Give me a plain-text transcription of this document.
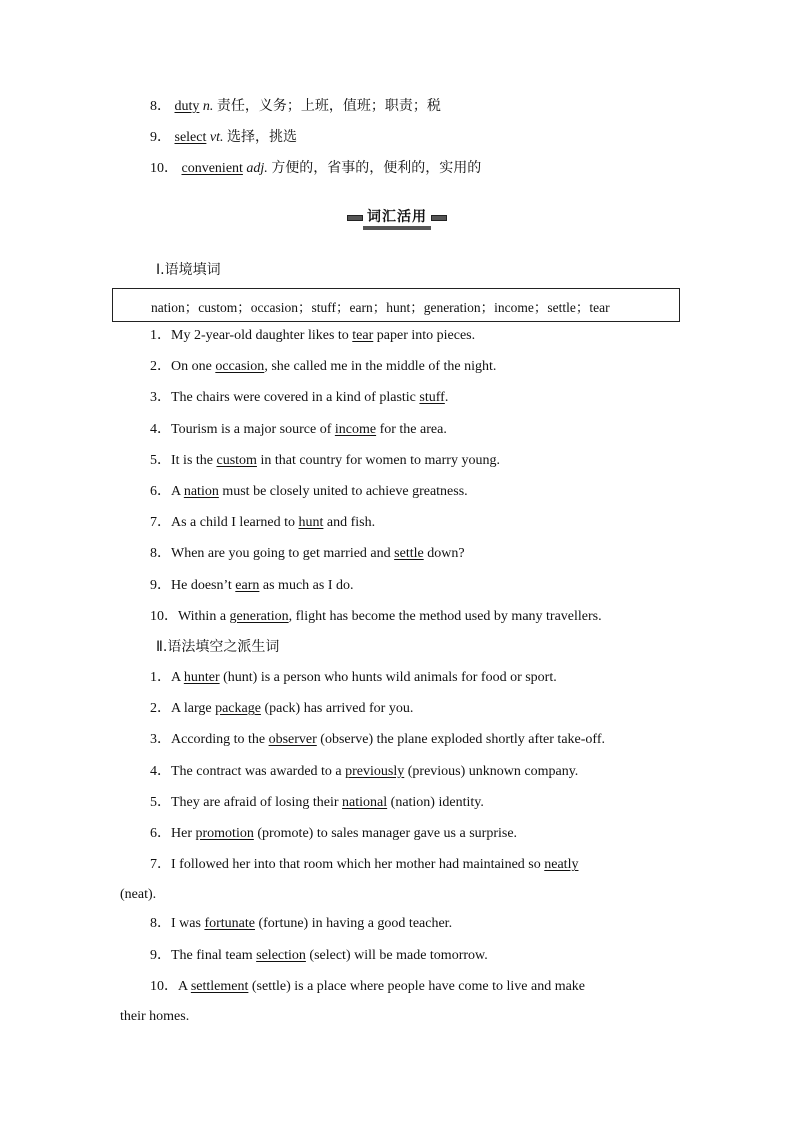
8． duty n. 责任，义务；上班，值班；职责；税
9． select vt. 选择，挑选
10． convenient adj. 方便的，省事的，便利的，实用的
词汇活用
Ⅰ.语境填词
nation；custom；occasion；stuff；earn；hunt；generation；income；settle；tear
1．My 2-year-old daughter likes to tear paper into pieces.
2．On one occasion, she called me in the middle of the night.
3．The chairs were covered in a kind of plastic stuff.
4．Tourism is a major source of income for the area.
5．It is the custom in that country for women to marry young.
6．A nation must be closely united to achieve greatness.
7．As a child I learned to hunt and fish.
8．When are you going to get married and settle down?
9．He doesn’t earn as much as I do.
10．Within a generation, flight has become the method used by many travellers.
Ⅱ.语法填空之派生词
1．A hunter (hunt) is a person who hunts wild animals for food or sport.
2．A large package (pack) has arrived for you.
3．According to the observer (observe) the plane exploded shortly after take-off.
4．The contract was awarded to a previously (previous) unknown company.
5．They are afraid of losing their national (nation) identity.
6．Her promotion (promote) to sales manager gave us a surprise.
7．I followed her into that room which her mother had maintained so neatly
(neat).
8．I was fortunate (fortune) in having a good teacher.
9．The final team selection (select) will be made tomorrow.
10．A settlement (settle) is a place where people have come to live and make
their homes.
